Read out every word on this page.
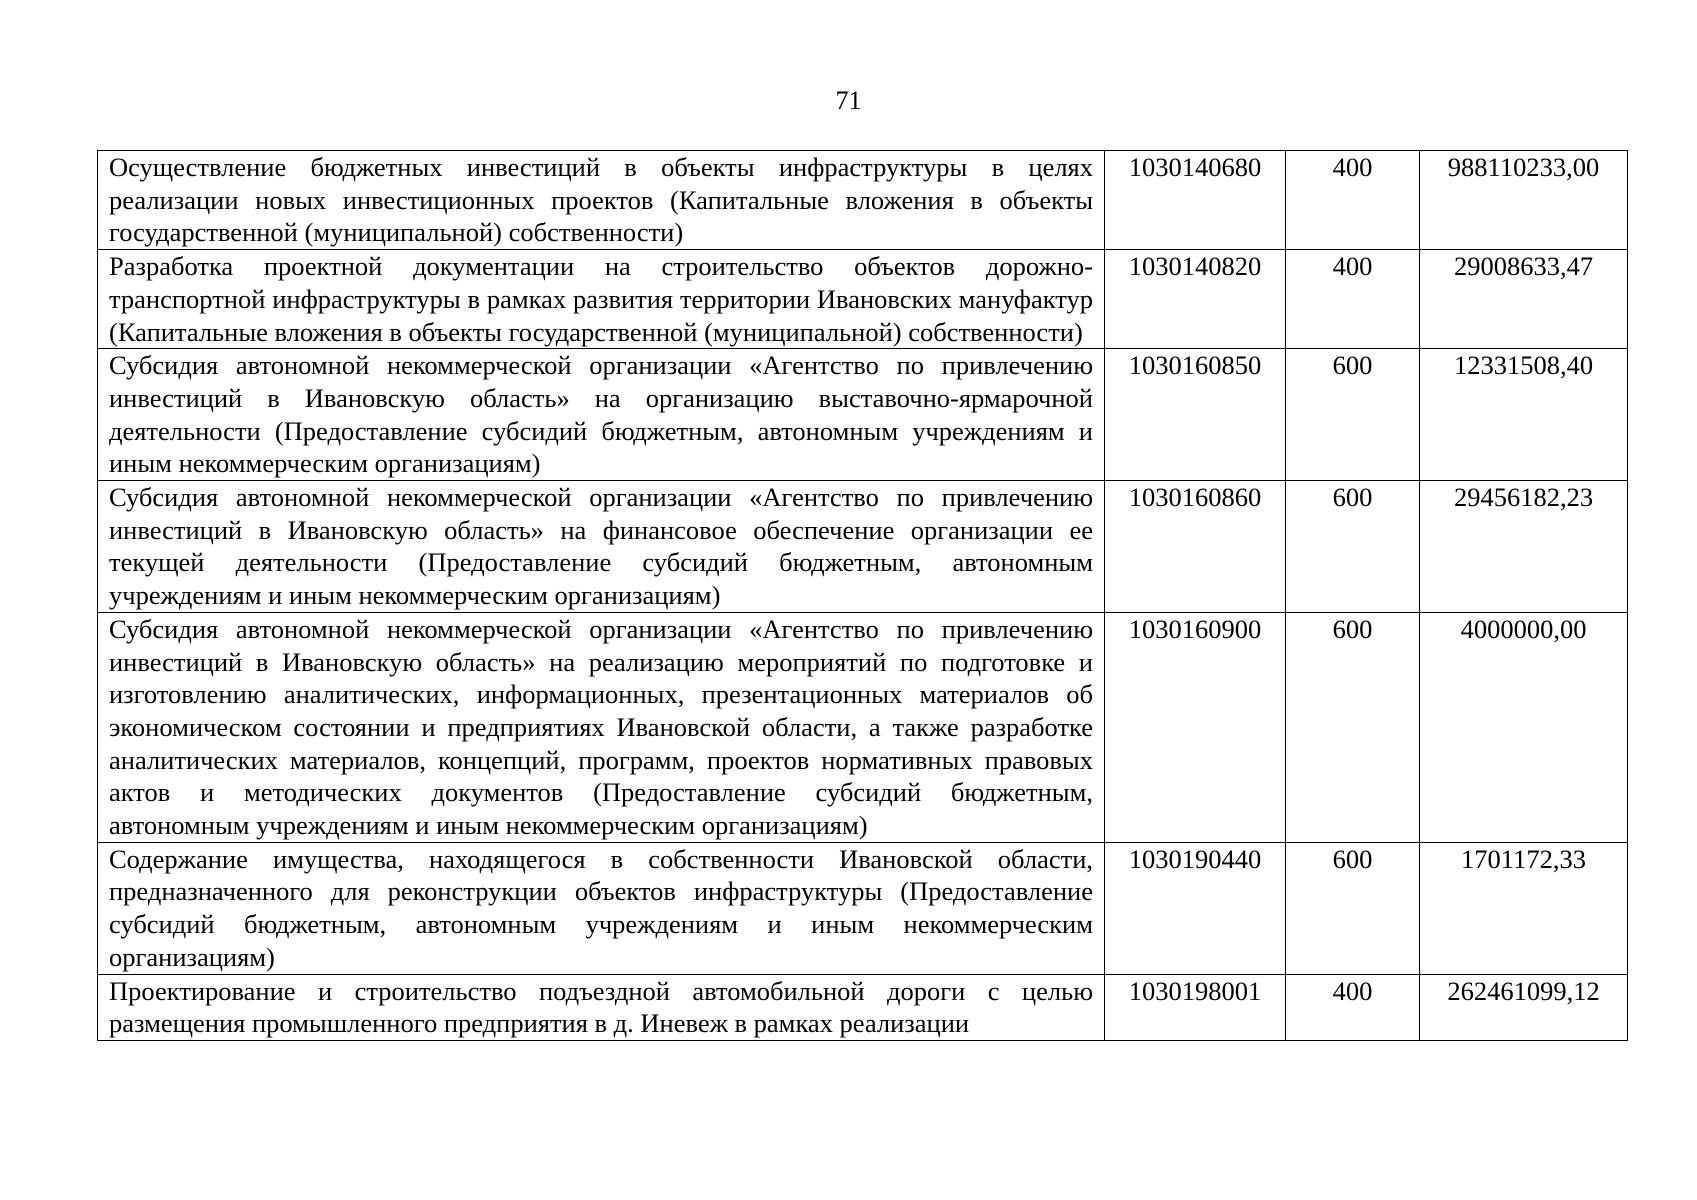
71
Осуществление бюджетных инвестиций в объекты инфраструктуры в целях реализации новых инвестиционных проектов (Капитальные вложения в объекты государственной (муниципальной) собственности)	1030140680	400	988110233,00
Разработка проектной документации на строительство объектов дорожно-транспортной инфраструктуры в рамках развития территории Ивановских мануфактур (Капитальные вложения в объекты государственной (муниципальной) собственности)	1030140820	400	29008633,47
Субсидия автономной некоммерческой организации «Агентство по привлечению инвестиций в Ивановскую область» на организацию выставочно-ярмарочной деятельности (Предоставление субсидий бюджетным, автономным учреждениям и иным некоммерческим организациям)	1030160850	600	12331508,40
Субсидия автономной некоммерческой организации «Агентство по привлечению инвестиций в Ивановскую область» на финансовое обеспечение организации ее текущей деятельности (Предоставление субсидий бюджетным, автономным учреждениям и иным некоммерческим организациям)	1030160860	600	29456182,23
Субсидия автономной некоммерческой организации «Агентство по привлечению инвестиций в Ивановскую область» на реализацию мероприятий по подготовке и изготовлению аналитических, информационных, презентационных материалов об экономическом состоянии и предприятиях Ивановской области, а также разработке аналитических материалов, концепций, программ, проектов нормативных правовых актов и методических документов (Предоставление субсидий бюджетным, автономным учреждениям и иным некоммерческим организациям)	1030160900	600	4000000,00
Содержание имущества, находящегося в собственности Ивановской области, предназначенного для реконструкции объектов инфраструктуры (Предоставление субсидий бюджетным, автономным учреждениям и иным некоммерческим организациям)	1030190440	600	1701172,33
Проектирование и строительство подъездной автомобильной дороги с целью размещения промышленного предприятия в д. Иневеж в рамках реализации	1030198001	400	262461099,12
